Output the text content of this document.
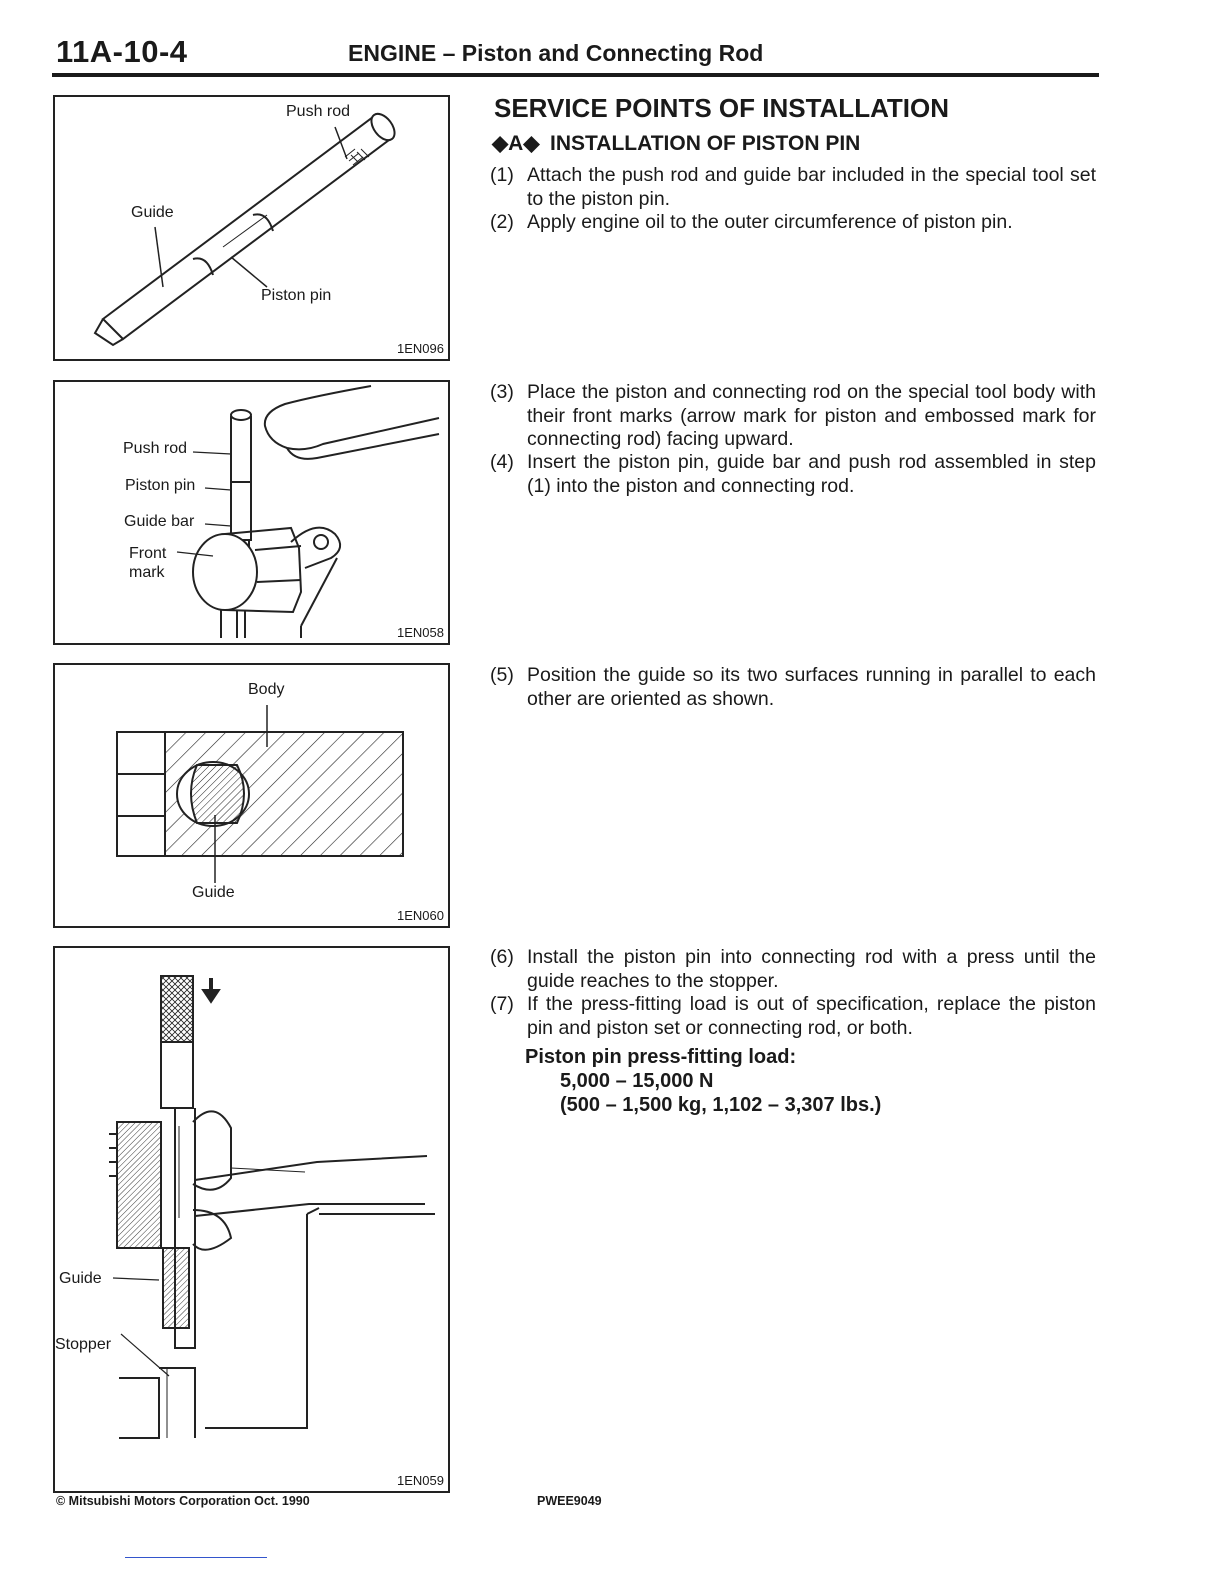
11A-10-4	ENGINE – Piston and Connecting Rod
Push rod
Guide
Piston pin
1EN096
Push rod
Piston pin
Guide bar
Front mark
1EN058
Body
Guide
1EN060
Guide
Stopper
1EN059
SERVICE POINTS OF INSTALLATION
◆A◆ INSTALLATION OF PISTON PIN
(1) Attach the push rod and guide bar included in the special tool set to the piston pin.
(2) Apply engine oil to the outer circumference of piston pin.
(3) Place the piston and connecting rod on the special tool body with their front marks (arrow mark for piston and embossed mark for connecting rod) facing upward.
(4) Insert the piston pin, guide bar and push rod assembled in step (1) into the piston and connecting rod.
(5) Position the guide so its two surfaces running in parallel to each other are oriented as shown.
(6) Install the piston pin into connecting rod with a press until the guide reaches to the stopper.
(7) If the press-fitting load is out of specification, replace the piston pin and piston set or connecting rod, or both.
Piston pin press-fitting load:
5,000 – 15,000 N
(500 – 1,500 kg, 1,102 – 3,307 lbs.)
© Mitsubishi Motors Corporation Oct. 1990	PWEE9049
